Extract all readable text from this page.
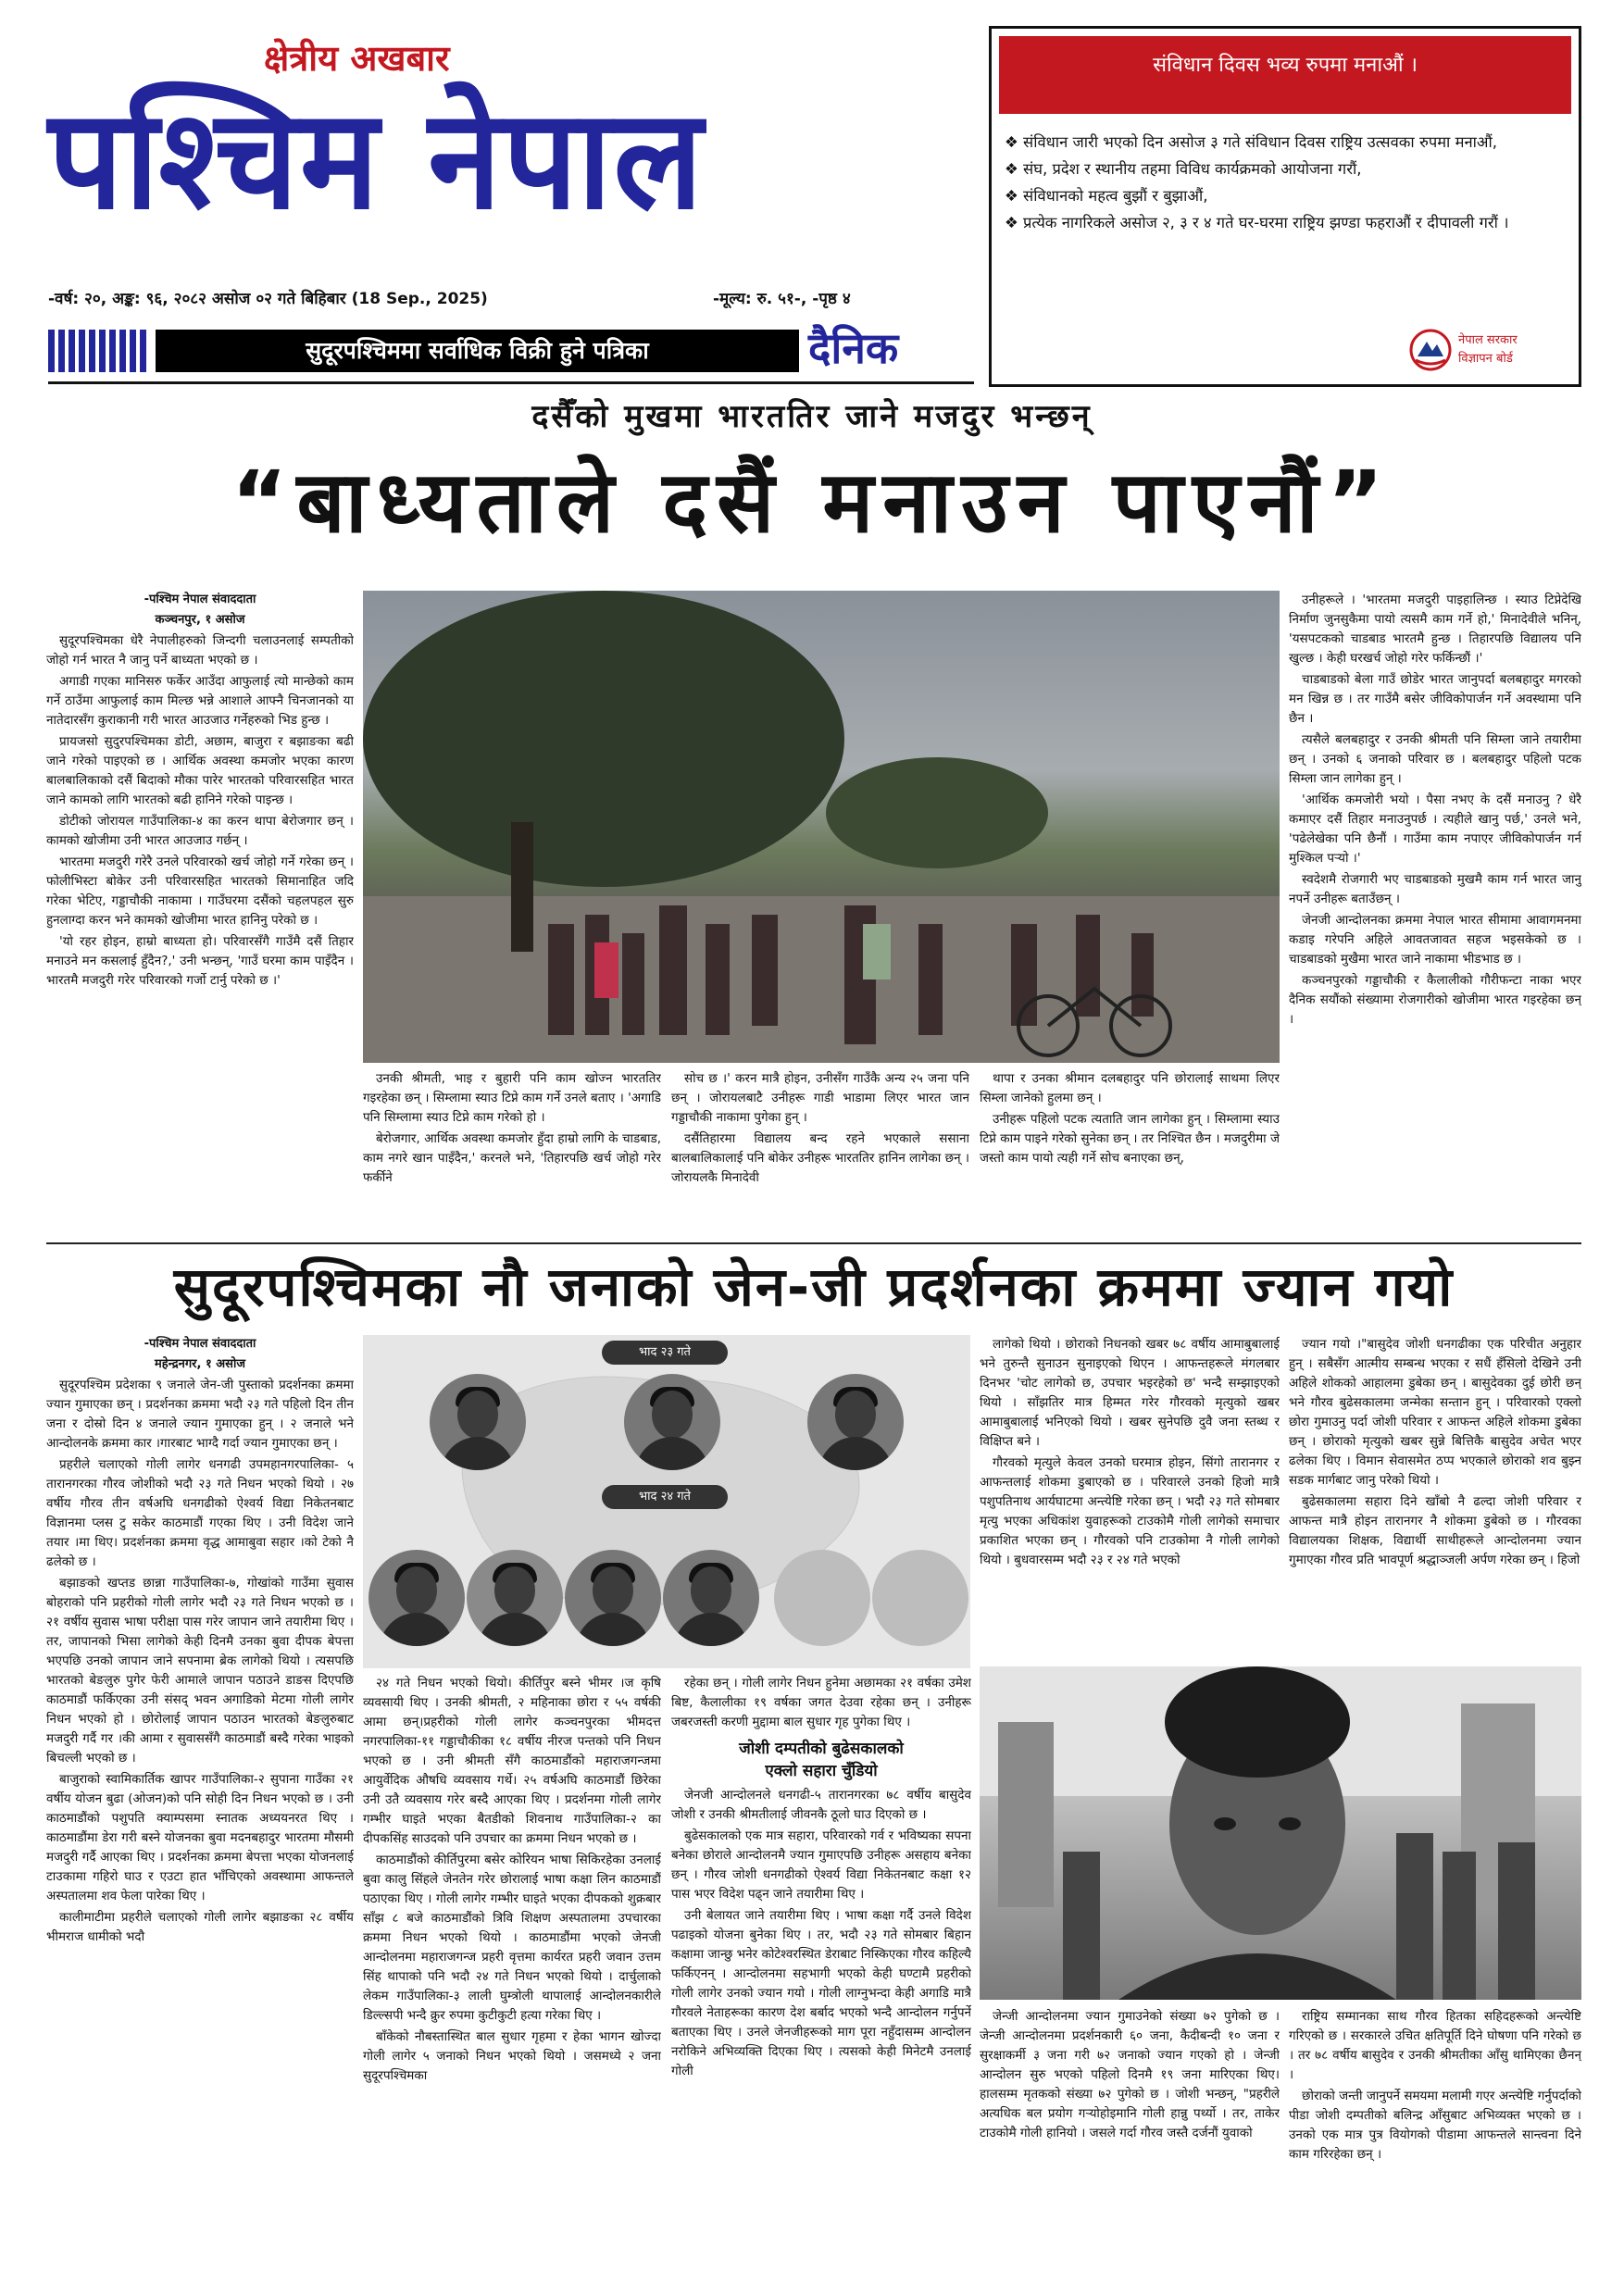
क्षेत्रीय अखबार
पश्चिम नेपाल
-वर्ष: २०, अङ्क: ९६, २०८२ असोज ०२ गते बिहिबार (18 Sep., 2025)	-मूल्य: रु. ५१-, -पृष्ठ ४
सुदूरपश्चिममा सर्वाधिक विक्री हुने पत्रिका	दैनिक
संविधान दिवस भव्य रुपमा मनाऔं ।
❖ संविधान जारी भएको दिन असोज ३ गते संविधान दिवस राष्ट्रिय उत्सवका रुपमा मनाऔं,
❖ संघ, प्रदेश र स्थानीय तहमा विविध कार्यक्रमको आयोजना गरौं,
❖ संविधानको महत्व बुझौं र बुझाऔं,
❖ प्रत्येक नागरिकले असोज २, ३ र ४ गते घर-घरमा राष्ट्रिय झण्डा फहराऔं र दीपावली गरौं ।
नेपाल सरकार
विज्ञापन बोर्ड
दसैँको मुखमा भारततिर जाने मजदुर भन्छन्
“बाध्यताले दसैं मनाउन पाएनौं”

-पश्चिम नेपाल संवाददाता

कञ्चनपुर, १ असोज

सुदूरपश्चिमका धेरै नेपालीहरुको जिन्दगी चलाउनलाई सम्पतीको जोहो गर्न भारत नै जानु पर्ने बाध्यता भएको छ ।

अगाडी गएका मानिसरु फर्केर आउँदा आफुलाई त्यो मान्छेको काम गर्ने ठाउँमा आफुलाई काम मिल्छ भन्ने आशाले आफ्नै चिनजानको या नातेदारसँग कुराकानी गरी भारत आउजाउ गर्नेहरुको भिड हुन्छ ।

प्रायजसो सुदुरपश्चिमका डोटी, अछाम, बाजुरा र बझाङका बढी जाने गरेको पाइएको छ । आर्थिक अवस्था कमजोर भएका कारण बालबालिकाको दसैं बिदाको मौका पारेर भारतको परिवारसहित भारत जाने कामको लागि भारतको बढी हानिने गरेको पाइन्छ ।

डोटीको जोरायल गाउँपालिका-४ का करन थापा बेरोजगार छन् । कामको खोजीमा उनी भारत आउजाउ गर्छन् ।

भारतमा मजदुरी गरेरै उनले परिवारको खर्च जोहो गर्ने गरेका छन् । फोलीभिस्टा बोकेर उनी परिवारसहित भारतको सिमानाहित जदि गरेका भेटिए, गड्डाचौकी नाकामा । गाउँघरमा दसैंको चहलपहल सुरु हुनलाग्दा करन भने कामको खोजीमा भारत हानिनु परेको छ ।

'यो रहर होइन, हाम्रो बाध्यता हो। परिवारसँगै गाउँमै दसैं तिहार मनाउने मन कसलाई हुँदैन?,' उनी भन्छन्, 'गाउँ घरमा काम पाइँदैन । भारतमै मजदुरी गरेर परिवारको गर्जो टार्नु परेको छ ।'

उनकी श्रीमती, भाइ र बुहारी पनि काम खोज्न भारततिर गइरहेका छन् । सिम्लामा स्याउ टिप्ने काम गर्ने उनले बताए । 'अगाडि पनि सिम्लामा स्याउ टिप्ने काम गरेको हो ।

बेरोजगार, आर्थिक अवस्था कमजोर हुँदा हाम्रो लागि के चाडबाड, काम नगरे खान पाइँदैन,' करनले भने, 'तिहारपछि खर्च जोहो गरेर फर्कीने

सोच छ ।' करन मात्रै होइन, उनीसँग गाउँकै अन्य २५ जना पनि छन् । जोरायलबाटै उनीहरू गाडी भाडामा लिएर भारत जान गड्डाचौकी नाकामा पुगेका हुन् ।

दसैंतिहारमा विद्यालय बन्द रहने भएकाले ससाना बालबालिकालाई पनि बोकेर उनीहरू भारततिर हानिन लागेका छन् । जोरायलकै मिनादेवी

थापा र उनका श्रीमान दलबहादुर पनि छोरालाई साथमा लिएर सिम्ला जानेको हुलमा छन् ।

उनीहरू पहिलो पटक त्यताति जान लागेका हुन् । सिम्लामा स्याउ टिप्ने काम पाइने गरेको सुनेका छन् । तर निश्चित छैन । मजदुरीमा जे जस्तो काम पायो त्यही गर्ने सोच बनाएका छन्,

उनीहरूले । 'भारतमा मजदुरी पाइहालिन्छ । स्याउ टिप्नेदेखि निर्माण जुनसुकैमा पायो त्यसमै काम गर्ने हो,' मिनादेवीले भनिन्, 'यसपटकको चाडबाड भारतमै हुन्छ । तिहारपछि विद्यालय पनि खुल्छ । केही घरखर्च जोहो गरेर फर्किन्छौं ।'

चाडबाडको बेला गाउँ छोडेर भारत जानुपर्दा बलबहादुर मगरको मन खिन्न छ । तर गाउँमै बसेर जीविकोपार्जन गर्ने अवस्थामा पनि छैन ।

त्यसैले बलबहादुर र उनकी श्रीमती पनि सिम्ला जाने तयारीमा छन् । उनको ६ जनाको परिवार छ । बलबहादुर पहिलो पटक सिम्ला जान लागेका हुन् ।

'आर्थिक कमजोरी भयो । पैसा नभए के दसैं मनाउनु ? धेरै कमाएर दसैं तिहार मनाउनुपर्छ । त्यहीले खानु पर्छ,' उनले भने, 'पढेलेखेका पनि छैनौं । गाउँमा काम नपाएर जीविकोपार्जन गर्न मुश्किल पऱ्यो ।'

स्वदेशमै रोजगारी भए चाडबाडको मुखमै काम गर्न भारत जानु नपर्ने उनीहरू बताउँछन् ।

जेनजी आन्दोलनका क्रममा नेपाल भारत सीमामा आवागमनमा कडाइ गरेपनि अहिले आवतजावत सहज भइसकेको छ । चाडबाडको मुखैमा भारत जाने नाकामा भीडभाड छ ।

कञ्चनपुरको गड्डाचौकी र कैलालीको गौरीफन्टा नाका भएर दैनिक सयौंको संख्यामा रोजगारीको खोजीमा भारत गइरहेका छन् ।

सुदूरपश्चिमका नौ जनाको जेन-जी प्रदर्शनका क्रममा ज्यान गयो

-पश्चिम नेपाल संवाददाता

महेन्द्रनगर, १ असोज

सुदूरपश्चिम प्रदेशका ९ जनाले जेन-जी पुस्ताको प्रदर्शनका क्रममा ज्यान गुमाएका छन् । प्रदर्शनका क्रममा भदौ २३ गते पहिलो दिन तीन जना र दोस्रो दिन ४ जनाले ज्यान गुमाएका हुन् । २ जनाले भने आन्दोलनके क्रममा कार ।गारबाट भाग्दै गर्दा ज्यान गुमाएका छन् ।

प्रहरीले चलाएको गोली लागेर धनगढी उपमहानगरपालिका- ५ तारानगरका गौरव जोशीको भदौ २३ गते निधन भएको थियो । २७ वर्षीय गौरव तीन वर्षअघि धनगढीको ऐश्वर्य विद्या निकेतनबाट विज्ञानमा प्लस टु सकेर काठमाडौं गएका थिए । उनी विदेश जाने तयार ।मा थिए। प्रदर्शनका क्रममा वृद्ध आमाबुवा सहार ।को टेको नै ढलेको छ ।

बझाङको खप्तड छान्ना गाउँपालिका-७, गोखांको गाउँमा सुवास बोहराको पनि प्रहरीको गोली लागेर भदौ २३ गते निधन भएको छ । २१ वर्षीय सुवास भाषा परीक्षा पास गरेर जापान जाने तयारीमा थिए । तर, जापानको भिसा लागेको केही दिनमै उनका बुवा दीपक बेपत्ता भएपछि उनको जापान जाने सपनामा ब्रेक लागेको थियो । त्यसपछि भारतको बेङलुरु पुगेर फेरी आमाले जापान पठाउने डाङस दिएपछि काठमाडौं फर्किएका उनी संसद् भवन अगाडिको मेटमा गोली लागेर निधन भएको हो । छोरोलाई जापान पठाउन भारतको बेङलुरुबाट मजदुरी गर्दै गर ।की आमा र सुवाससँगै काठमाडौं बस्दै गरेका भाइको बिचल्ली भएको छ ।

बाजुराको स्वामिकार्तिक खापर गाउँपालिका-२ सुपाना गाउँका २१ वर्षीय योजन बुढा (ओजन)को पनि सोही दिन निधन भएको छ । उनी काठमाडौंको पशुपति क्याम्पसमा स्नातक अध्ययनरत थिए । काठमाडौंमा डेरा गरी बस्ने योजनका बुवा मदनबहादुर भारतमा मौसमी मजदुरी गर्दै आएका थिए । प्रदर्शनका क्रममा बेपत्ता भएका योजनलाई टाउकामा गहिरो घाउ र एउटा हात भाँचिएको अवस्थामा आफन्तले अस्पतालमा शव फेला पारेका थिए ।

कालीमाटीमा प्रहरीले चलाएको गोली लागेर बझाङका २८ वर्षीय भीमराज धामीको भदौ

भाद २३ गते
भाद २४ गते

२४ गते निधन भएको थियो। कीर्तिपुर बस्ने भीमर ।ज कृषि व्यवसायी थिए । उनकी श्रीमती, २ महिनाका छोरा र ५५ वर्षकी आमा छन्।प्रहरीको गोली लागेर कञ्चनपुरका भीमदत्त नगरपालिका-११ गड्डाचौकीका १८ वर्षीय नीरज पन्तको पनि निधन भएको छ । उनी श्रीमती सँगै काठमाडौंको महाराजगन्जमा आयुर्वेदिक औषधि व्यवसाय गर्थे। २५ वर्षअघि काठमाडौं छिरेका उनी उतै व्यवसाय गरेर बस्दै आएका थिए । प्रदर्शनमा गोली लागेर गम्भीर घाइते भएका बैतडीको शिवनाथ गाउँपालिका-२ का दीपकसिंह साउदको पनि उपचार का क्रममा निधन भएको छ ।

काठमाडौंको कीर्तिपुरमा बसेर कोरियन भाषा सिकिरहेका उनलाई बुवा कालु सिंहले जेनतेन गरेर छोरालाई भाषा कक्षा लिन काठमाडौं पठाएका थिए । गोली लागेर गम्भीर घाइते भएका दीपकको शुक्रबार साँझ ८ बजे काठमाडौंको त्रिवि शिक्षण अस्पतालमा उपचारका क्रममा निधन भएको थियो । काठमाडौंमा भएको जेनजी आन्दोलनमा महाराजगन्ज प्रहरी वृत्तमा कार्यरत प्रहरी जवान उत्तम सिंह थापाको पनि भदौ २४ गते निधन भएको थियो । दार्चुलाको लेकम गाउँपालिका-३ लाली घुम्त्रोली थापालाई आन्दोलनकारीले डिल्ल्सपी भन्दै क्रुर रुपमा कुटीकुटी हत्या गरेका थिए ।

बाँकेको नौबस्तास्थित बाल सुधार गृहमा र हेका भागन खोज्दा गोली लागेर ५ जनाको निधन भएको थियो । जसमध्ये २ जना सुदूरपश्चिमका

रहेका छन् । गोली लागेर निधन हुनेमा अछामका २१ वर्षका उमेश बिष्ट, कैलालीका १९ वर्षका जगत देउवा रहेका छन् । उनीहरू जबरजस्ती करणी मुद्दामा बाल सुधार गृह पुगेका थिए ।

जोशी दम्पतीको बुढेसकालको
एक्लो सहारा चुँडियो

जेनजी आन्दोलनले धनगढी-५ तारानगरका ७८ वर्षीय बासुदेव जोशी र उनकी श्रीमतीलाई जीवनकै ठूलो घाउ दिएको छ ।

बुढेसकालको एक मात्र सहारा, परिवारको गर्व र भविष्यका सपना बनेका छोराले आन्दोलनमै ज्यान गुमाएपछि उनीहरू असहाय बनेका छन् । गौरव जोशी धनगढीको ऐश्वर्य विद्या निकेतनबाट कक्षा १२ पास भएर विदेश पढ्न जाने तयारीमा थिए ।

उनी बेलायत जाने तयारीमा थिए । भाषा कक्षा गर्दै उनले विदेश पढाइको योजना बुनेका थिए । तर, भदौ २३ गते सोमबार बिहान कक्षामा जान्छु भनेर कोटेश्वरस्थित डेराबाट निस्किएका गौरव कहिल्यै फर्किएनन् । आन्दोलनमा सहभागी भएको केही घण्टामै प्रहरीको गोली लागेर उनको ज्यान गयो । गोली लाग्नुभन्दा केही अगाडि मात्रै गौरवले नेताहरूका कारण देश बर्बाद भएको भन्दै आन्दोलन गर्नुपर्ने बताएका थिए । उनले जेनजीहरूको माग पूरा नहुँदासम्म आन्दोलन नरोकिने अभिव्यक्ति दिएका थिए । त्यसको केही मिनेटमै उनलाई गोली

लागेको थियो । छोराको निधनको खबर ७८ वर्षीय आमाबुबालाई भने तुरुन्तै सुनाउन सुनाइएको थिएन । आफन्तहरूले मंगलबार दिनभर 'चोट लागेको छ, उपचार भइरहेको छ' भन्दै सम्झाइएको थियो । साँझतिर मात्र हिम्मत गरेर गौरवको मृत्युको खबर आमाबुबालाई भनिएको थियो । खबर सुनेपछि दुवै जना स्तब्ध र विक्षिप्त बने ।

गौरवको मृत्युले केवल उनको घरमात्र होइन, सिंगो तारानगर र आफन्तलाई शोकमा डुबाएको छ । परिवारले उनको हिजो मात्रै पशुपतिनाथ आर्यघाटमा अन्त्येष्टि गरेका छन् । भदौ २३ गते सोमबार मृत्यु भएका अधिकांश युवाहरूको टाउकोमै गोली लागेको समाचार प्रकाशित भएका छन् । गौरवको पनि टाउकोमा नै गोली लागेको थियो । बुधवारसम्म भदौ २३ र २४ गते भएको

ज्यान गयो ।"बासुदेव जोशी धनगढीका एक परिचीत अनुहार हुन् । सबैसँग आत्मीय सम्बन्ध भएका र सधैं हँसिलो देखिने उनी अहिले शोकको आहालमा डुबेका छन् । बासुदेवका दुई छोरी छन् भने गौरव बुढेसकालमा जन्मेका सन्तान हुन् । परिवारको एक्लो छोरा गुमाउनु पर्दा जोशी परिवार र आफन्त अहिले शोकमा डुबेका छन् । छोराको मृत्युको खबर सुन्ने बित्तिकै बासुदेव अचेत भएर ढलेका थिए । विमान सेवासमेत ठप्प भएकाले छोराको शव बुझ्न सडक मार्गबाट जानु परेको थियो ।

बुढेसकालमा सहारा दिने खाँबो नै ढल्दा जोशी परिवार र आफन्त मात्रै होइन तारानगर नै शोकमा डुबेको छ । गौरवका विद्यालयका शिक्षक, विद्यार्थी साथीहरूले आन्दोलनमा ज्यान गुमाएका गौरव प्रति भावपूर्ण श्रद्धाञ्जली अर्पण गरेका छन् । हिजो

जेन्जी आन्दोलनमा ज्यान गुमाउनेको संख्या ७२ पुगेको छ । जेन्जी आन्दोलनमा प्रदर्शनकारी ६० जना, कैदीबन्दी १० जना र सुरक्षाकर्मी ३ जना गरी ७२ जनाको ज्यान गएको हो । जेन्जी आन्दोलन सुरु भएको पहिलो दिनमै १९ जना मारिएका थिए। हालसम्म मृतकको संख्या ७२ पुगेको छ । जोशी भन्छन्, "प्रहरीले अत्यधिक बल प्रयोग गऱ्योहोइमानि गोली हान्नु पर्थ्यो । तर, ताकेर टाउकोमै गोली हानियो । जसले गर्दा गौरव जस्तै दर्जनौं युवाको

राष्ट्रिय सम्मानका साथ गौरव हितका सहिदहरूको अन्त्येष्टि गरिएको छ । सरकारले उचित क्षतिपूर्ति दिने घोषणा पनि गरेको छ । तर ७८ वर्षीय बासुदेव र उनकी श्रीमतीका आँसु थामिएका छैनन् ।

छोराको जन्ती जानुपर्ने समयमा मलामी गएर अन्त्येष्टि गर्नुपर्दाको पीडा जोशी दम्पतीको बलिन्द्र आँसुबाट अभिव्यक्त भएको छ । उनको एक मात्र पुत्र वियोगको पीडामा आफन्तले सान्त्वना दिने काम गरिरहेका छन् ।
